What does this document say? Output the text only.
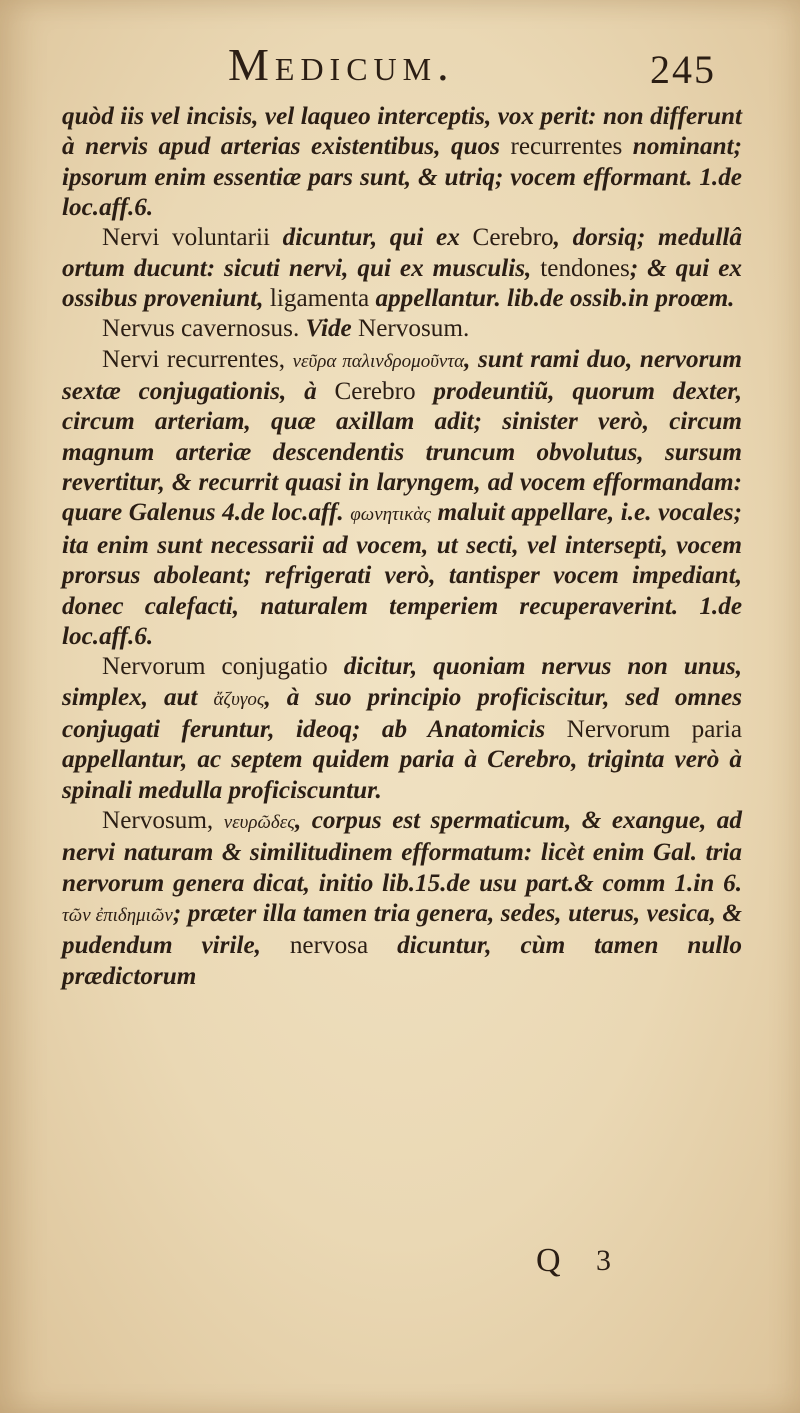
Medicum.	245

quòd iis vel incisis, vel laqueo interceptis, vox perit: non differunt à nervis apud arterias existentibus, quos recurrentes nominant; ipsorum enim essentiæ pars sunt, & utriq; vocem efformant. 1.de loc.aff.6.

Nervi voluntarii dicuntur, qui ex Cerebro, dorsiq; medullâ ortum ducunt: sicuti nervi, qui ex musculis, tendones; & qui ex ossibus proveniunt, ligamenta appellantur. lib.de ossib.in proœm.

Nervus cavernosus. Vide Nervosum.

Nervi recurrentes, νεῦρα παλινδρομοῦντα, sunt rami duo, nervorum sextæ conjugationis, à Cerebro prodeuntiũ, quorum dexter, circum arteriam, quæ axillam adit; sinister verò, circum magnum arteriæ descendentis truncum obvolutus, sursum revertitur, & recurrit quasi in laryngem, ad vocem efformandam: quare Galenus 4.de loc.aff. φωνητικὰς maluit appellare, i.e. vocales; ita enim sunt necessarii ad vocem, ut secti, vel intersepti, vocem prorsus aboleant; refrigerati verò, tantisper vocem impediant, donec calefacti, naturalem temperiem recuperaverint. 1.de loc.aff.6.

Nervorum conjugatio dicitur, quoniam nervus non unus, simplex, aut ἄζυγος, à suo principio proficiscitur, sed omnes conjugati feruntur, ideoq; ab Anatomicis Nervorum paria appellantur, ac septem quidem paria à Cerebro, triginta verò à spinali medulla proficiscuntur.

Nervosum, νευρῶδες, corpus est spermaticum, & exangue, ad nervi naturam & similitudinem efformatum: licèt enim Gal. tria nervorum genera dicat, initio lib.15.de usu part.& comm 1.in 6. τῶν ἐπιδημιῶν; præter illa tamen tria genera, sedes, uterus, vesica, & pudendum virile, nervosa dicuntur, cùm tamen nullo prædictorum

Q 3
